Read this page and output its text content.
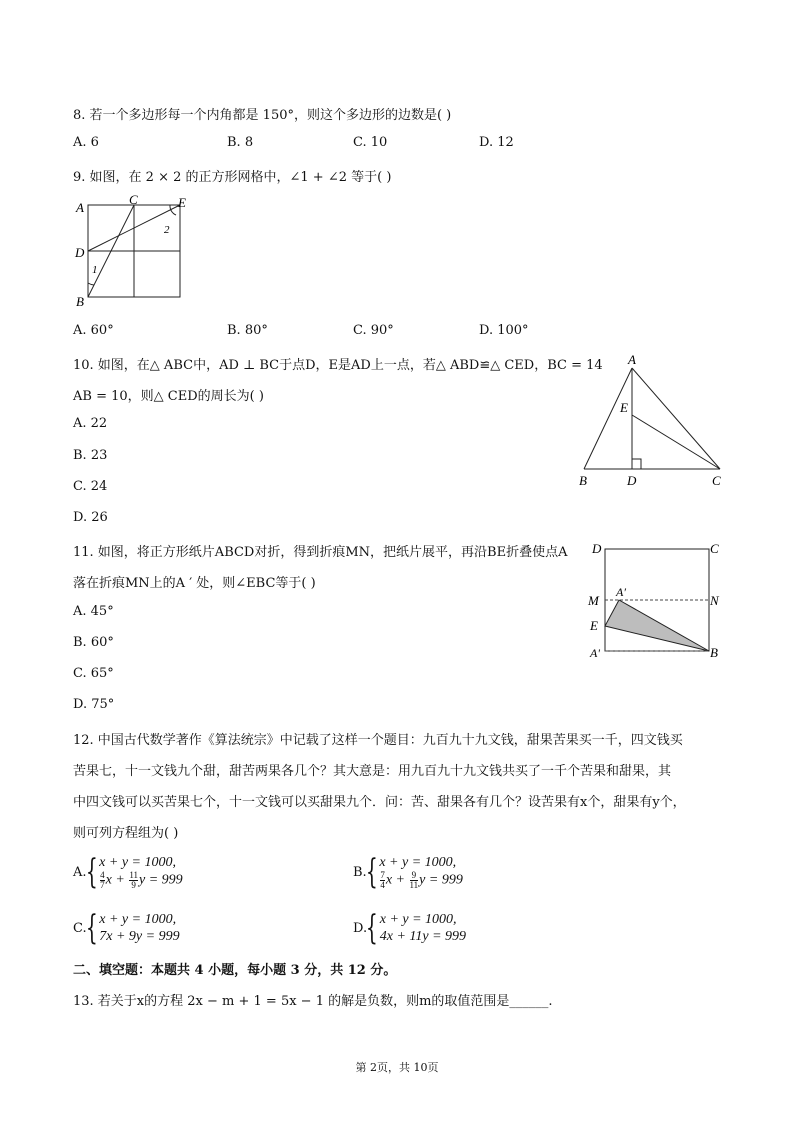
8. 若一个多边形每一个内角都是 150°，则这个多边形的边数是( )
A. 6	B. 8	C. 10	D. 12
9. 如图，在 2 × 2 的正方形网格中，∠1 + ∠2 等于( )
A
C	E
D
B
1
2
A. 60°	B. 80°	C. 90°	D. 100°
10. 如图，在△ ABC中，AD ⊥ BC于点D，E是AD上一点，若△ ABD≌△ CED，BC = 14
AB = 10，则△ CED的周长为( )
A. 22
B. 23
C. 24
D. 26
A
E
B	D	C
11. 如图，将正方形纸片ABCD对折，得到折痕MN，把纸片展平，再沿BE折叠使点A
落在折痕MN上的A ′ 处，则∠EBC等于( )
A. 45°
B. 60°
C. 65°
D. 75°
D	C
M	N
A′
E
A'	B
12. 中国古代数学著作《算法统宗》中记载了这样一个题目：九百九十九文钱，甜果苦果买一千，四文钱买
苦果七，十一文钱九个甜，甜苦两果各几个？其大意是：用九百九十九文钱共买了一千个苦果和甜果，其
中四文钱可以买苦果七个，十一文钱可以买甜果九个．问：苦、甜果各有几个？设苦果有x个，甜果有y个，
则可列方程组为( )
A.
{ x + y = 1000,
$\frac{4}{7}$ $x + \frac{11}{9}$ y = 999
B.
{ x + y = 1000,
$\frac{7}{4}$ $x + \frac{9}{11}$ y = 999
C.
{ x + y = 1000,
7x + 9y = 999
D.
{ x + y = 1000,
4x + 11y = 999
二、填空题：本题共 4 小题，每小题 3 分，共 12 分。
13. 若关于x的方程 2x − m + 1 = 5x − 1 的解是负数，则m的取值范围是______.
第 2页，共 10页
